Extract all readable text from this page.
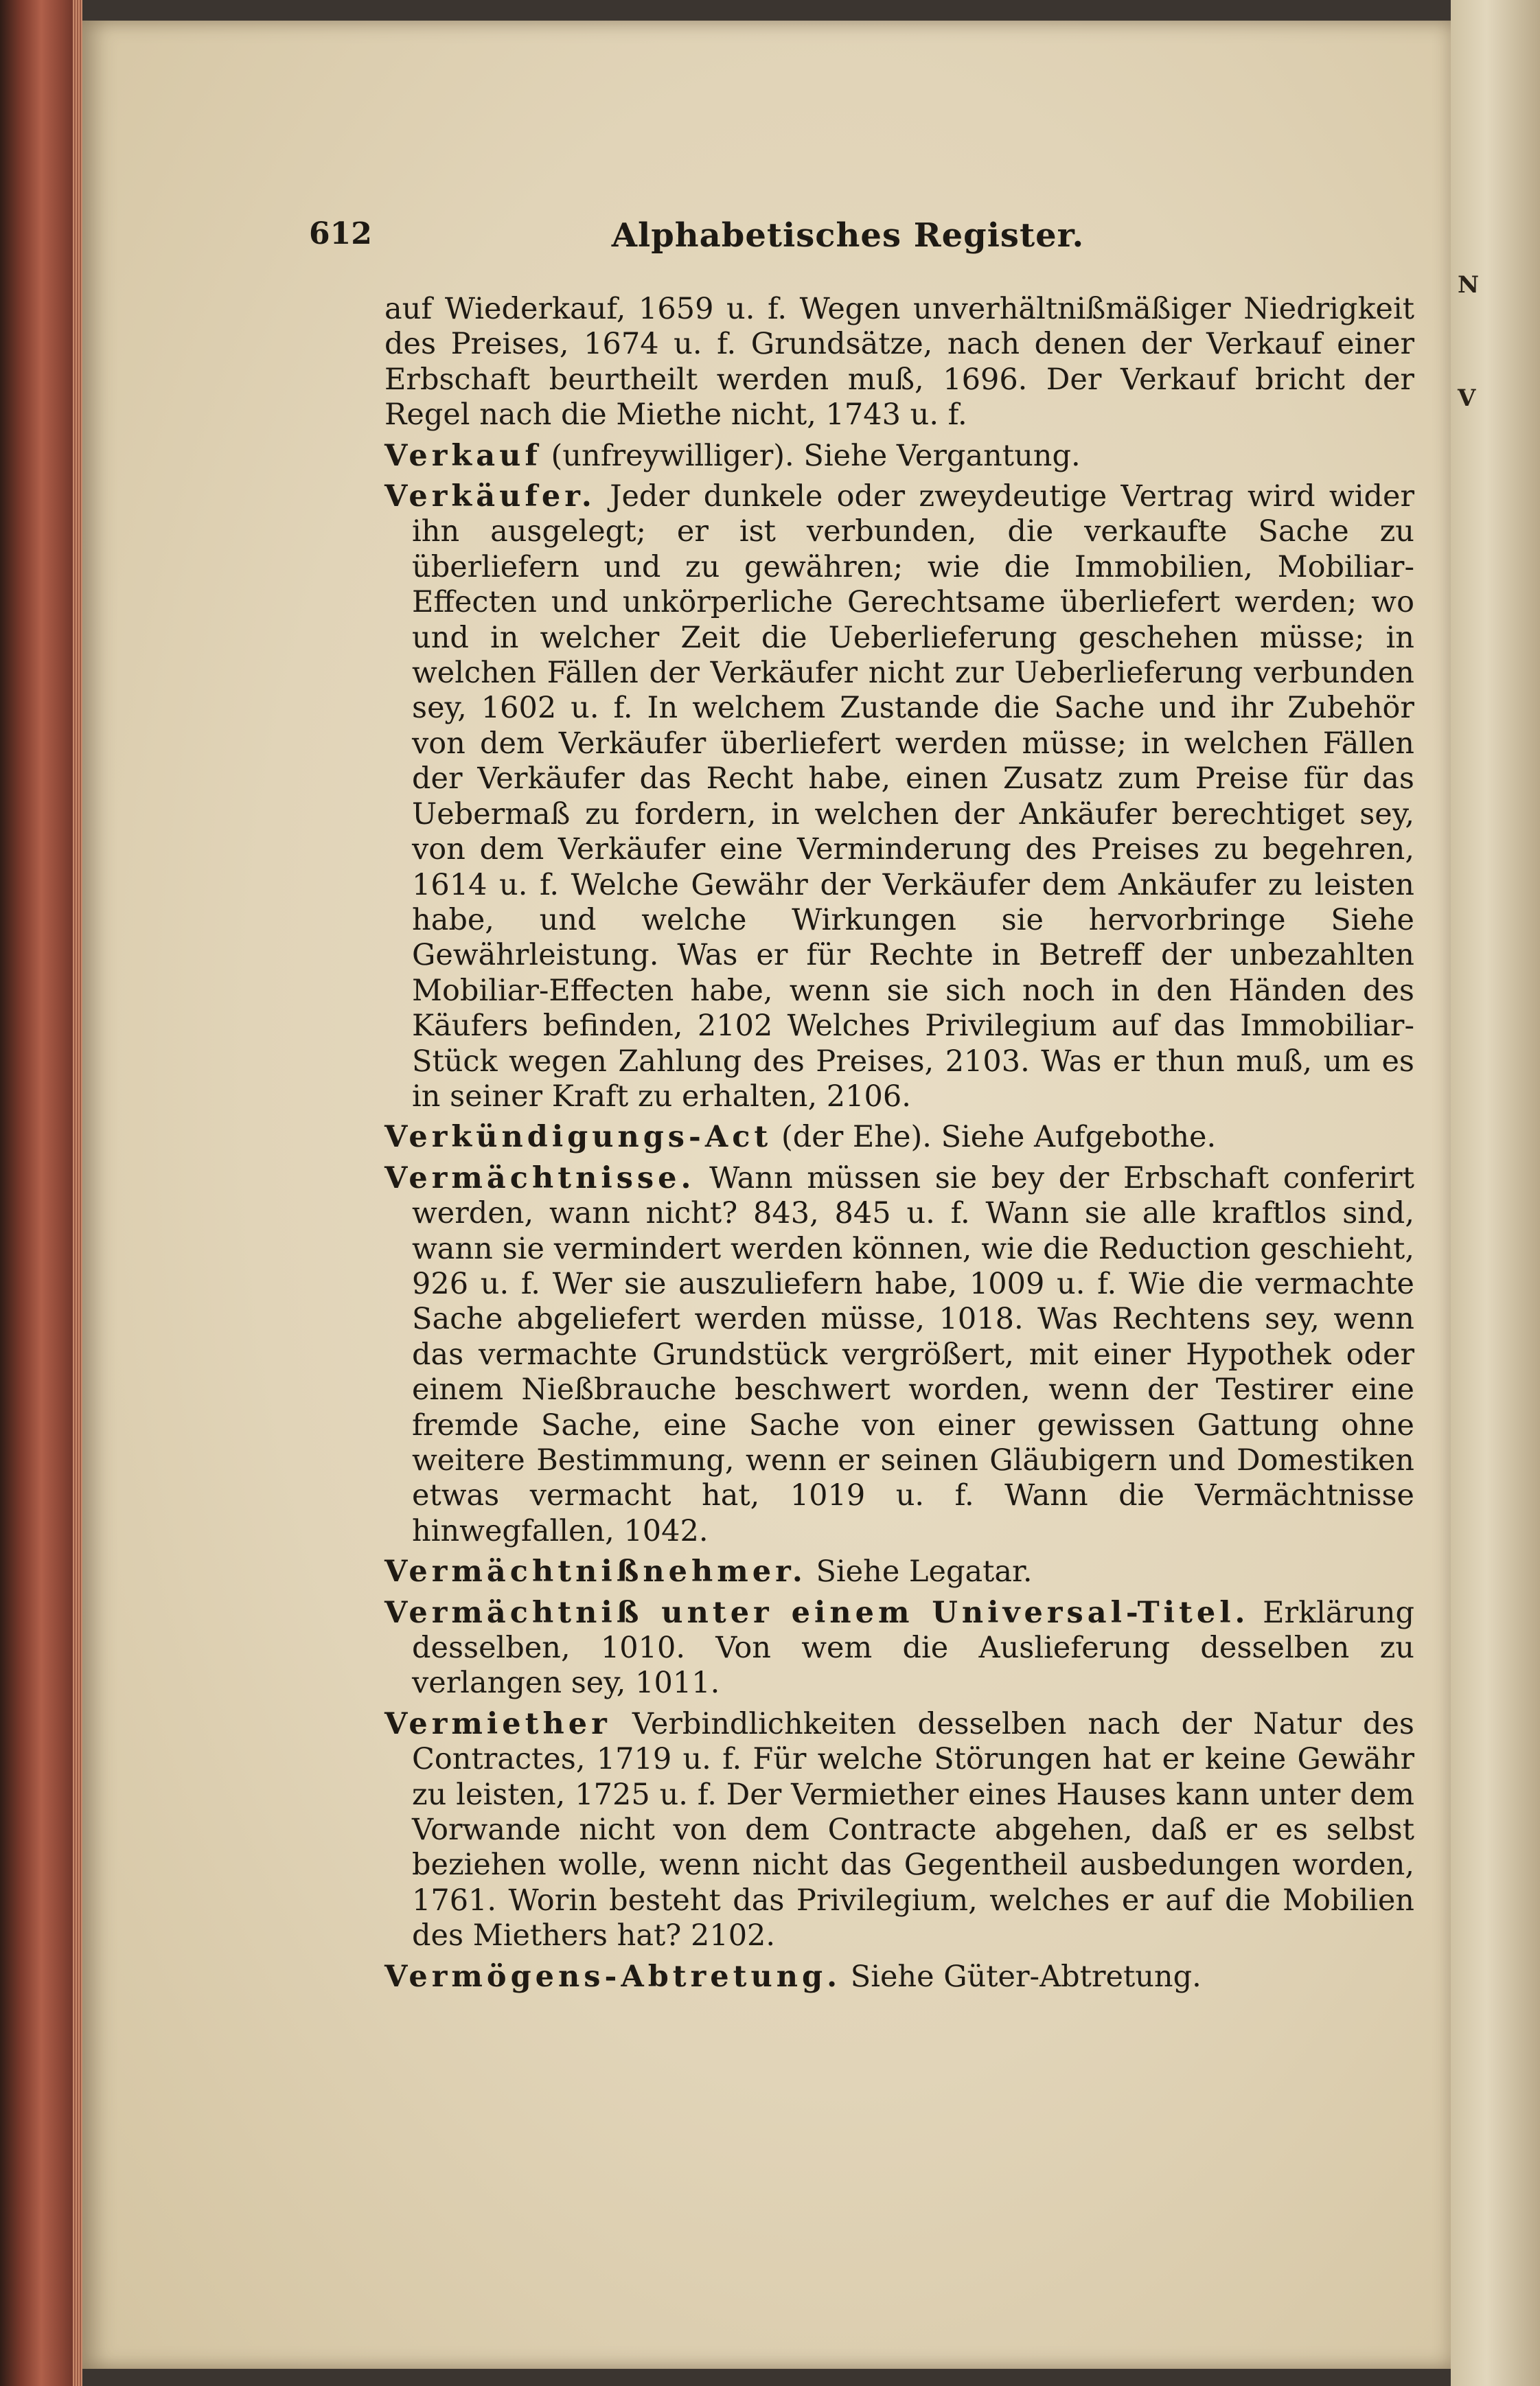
612	Alphabetisches Register.

auf Wiederkauf, 1659 u. f. Wegen unverhältnißmäßiger Niedrigkeit des Preises, 1674 u. f. Grundsätze, nach denen der Verkauf einer Erbschaft beurtheilt werden muß, 1696. Der Verkauf bricht der Regel nach die Miethe nicht, 1743 u. f.

Verkauf (unfreywilliger). Siehe Vergantung.

Verkäufer. Jeder dunkele oder zweydeutige Vertrag wird wider ihn ausgelegt; er ist verbunden, die verkaufte Sache zu überliefern und zu gewähren; wie die Immobilien, Mobiliar-Effecten und unkörperliche Gerechtsame überliefert werden; wo und in welcher Zeit die Ueberlieferung geschehen müsse; in welchen Fällen der Verkäufer nicht zur Ueberlieferung verbunden sey, 1602 u. f. In welchem Zustande die Sache und ihr Zubehör von dem Verkäufer überliefert werden müsse; in welchen Fällen der Verkäufer das Recht habe, einen Zusatz zum Preise für das Uebermaß zu fordern, in welchen der Ankäufer berechtiget sey, von dem Verkäufer eine Verminderung des Preises zu begehren, 1614 u. f. Welche Gewähr der Verkäufer dem Ankäufer zu leisten habe, und welche Wirkungen sie hervorbringe Siehe Gewährleistung. Was er für Rechte in Betreff der unbezahlten Mobiliar-Effecten habe, wenn sie sich noch in den Händen des Käufers befinden, 2102 Welches Privilegium auf das Immobiliar-Stück wegen Zahlung des Preises, 2103. Was er thun muß, um es in seiner Kraft zu erhalten, 2106.

Verkündigungs-Act (der Ehe). Siehe Aufgebothe.

Vermächtnisse. Wann müssen sie bey der Erbschaft conferirt werden, wann nicht? 843, 845 u. f. Wann sie alle kraftlos sind, wann sie vermindert werden können, wie die Reduction geschieht, 926 u. f. Wer sie auszuliefern habe, 1009 u. f. Wie die vermachte Sache abgeliefert werden müsse, 1018. Was Rechtens sey, wenn das vermachte Grundstück vergrößert, mit einer Hypothek oder einem Nießbrauche beschwert worden, wenn der Testirer eine fremde Sache, eine Sache von einer gewissen Gattung ohne weitere Bestimmung, wenn er seinen Gläubigern und Domestiken etwas vermacht hat, 1019 u. f. Wann die Vermächtnisse hinwegfallen, 1042.

Vermächtnißnehmer. Siehe Legatar.

Vermächtniß unter einem Universal-Titel. Erklärung desselben, 1010. Von wem die Auslieferung desselben zu verlangen sey, 1011.

Vermiether Verbindlichkeiten desselben nach der Natur des Contractes, 1719 u. f. Für welche Störungen hat er keine Gewähr zu leisten, 1725 u. f. Der Vermiether eines Hauses kann unter dem Vorwande nicht von dem Contracte abgehen, daß er es selbst beziehen wolle, wenn nicht das Gegentheil ausbedungen worden, 1761. Worin besteht das Privilegium, welches er auf die Mobilien des Miethers hat? 2102.

Vermögens-Abtretung. Siehe Güter-Abtretung.

N
V
